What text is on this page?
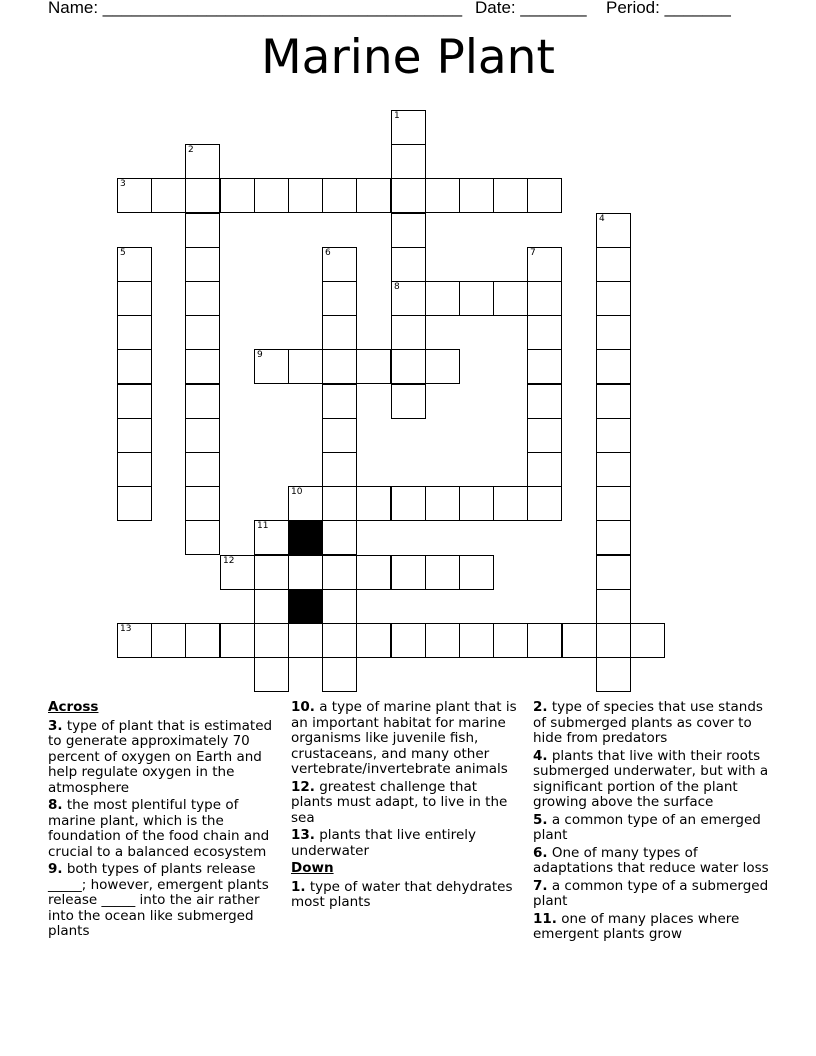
Name: ______________________________________ Date: _______ Period: _______
Marine Plant
1
8
2
3
4
5	6	7
9
10
11
12
13
Across
3. type of plant that is estimated to generate approximately 70 percent of oxygen on Earth and help regulate oxygen in the atmosphere
8. the most plentiful type of marine plant, which is the foundation of the food chain and crucial to a balanced ecosystem
9. both types of plants release _____; however, emergent plants release _____ into the air rather into the ocean like submerged plants
10. a type of marine plant that is an important habitat for marine organisms like juvenile fish, crustaceans, and many other vertebrate/invertebrate animals
12. greatest challenge that plants must adapt, to live in the sea
13. plants that live entirely underwater
Down
1. type of water that dehydrates most plants
2. type of species that use stands of submerged plants as cover to hide from predators
4. plants that live with their roots submerged underwater, but with a significant portion of the plant growing above the surface
5. a common type of an emerged plant
6. One of many types of adaptations that reduce water loss
7. a common type of a submerged plant
11. one of many places where emergent plants grow
